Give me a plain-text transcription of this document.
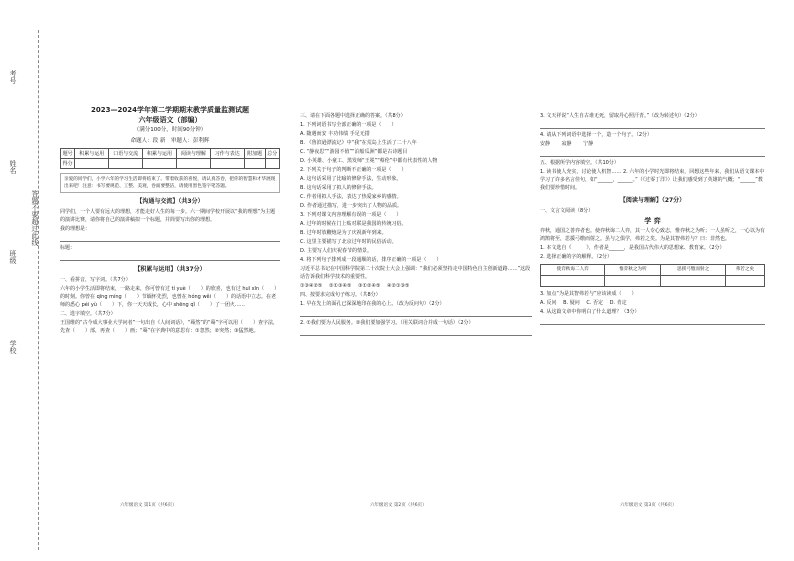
考号
姓名
班级
学校
答题不要超过此线
2023—2024学年第二学期期末教学质量监测试题
六年级语文（部编）
（满分100分，时间90分钟）
命题人：段 新　审题人：彭利辉
题号	积累与运用	口语与交流	积累与运用	阅读与理解	习作与表达	附加题	总分
得分							
亲爱的同学们，小学六年的学习生活即将结束了。带着收获的喜悦，请认真答卷，把你的智慧和才华展现出来吧！注意：书写要规范、工整、美观，卷面要整洁，请使用黑色签字笔答题。
【沟通与交流】（共3分）

同学们，一个人要有远大的理想，才能走好人生的每一步。六一期间学校开展以“我的理想”为主题的演讲比赛，请你将自己的演讲稿拟一个标题，并简要写出你的理想。

我的理想是：

标题：

【积累与运用】（共37分）

一、看拼音，写字词。（共7分）

六年的小学生活即将结束，一路走来，你可曾有过 tí yuè（　　）的欣喜，也有过 huī xīn（　　）的时刻。你曾在 qīng míng（　　）节缅怀先烈，也曾在 hóng wěi（　　）的话语中立志。在老师的悉心 péi yù（　　）下，你一天天成长，心中 shēng qǐ（　　）了一团火……

二、选字填空。（共7分）

王国维的“古今成大事业大学问者”一句出自《人间词话》，“蓦然”的“蓦”字可以用（　　）查字法，先查（　　）部，再查（　　）画；“蓦”在字典中的意思有：①忽然；②突然；③猛然地。

三、请在下面各题中选择正确的答案。（共8分）

1. 下列词语书写全部正确的一项是（　　）

A. 随遇而安 丰功伟绩 手足无措

B. 《鲁滨逊漂流记》中“我”在荒岛上生活了二十八年

C. “静夜思”“游园不值”“泊船瓜洲”都是古诗题目

D. 小英雄、小童工、黑发师“王冕”“蔡伦”中都有代表性的人物

2. 下列关于句子的判断不正确的一项是（　　）

A. 这句话采用了比喻的修辞手法，生动形象。

B. 这句话采用了拟人的修辞手法。

C. 作者用拟人手法，表达了热爱家乡的感情。

D. 作者通过描写，进一步突出了人物的品质。

3. 下列对课文内容理解有误的一项是（　　）

A. 过年的时候在门上贴对联是我国的传统习俗。

B. 过年时放鞭炮是为了庆祝新年到来。

C. 这里主要描写了北京过年时的民俗活动。

D. 主要写人们庆祝春节的情景。

4. 将下列句子排列成一段通顺的话，排序正确的一项是（　　）

习近平总书记在中国科学院第二十次院士大会上强调：“我们必须坚持走中国特色自主创新道路……”这段话告诉我们科学技术的重要性。

①③④②⑤　 ②①③④⑤　 ③①②④⑤　 ④②①③⑤

四、按要求完成句子练习。（共8分）

1. 早在先上的面孔已深深地印在我的心上。（改为反问句）（2分）

2. ①我们要为人民服务。②我们要加强学习。（用关联词合并成一句话）（2分）

3. 文天祥说“人生自古谁无死，留取丹心照汗青。”（改为转述句）（2分）

4. 请从下列词语中选择一个，造一个句子。（2分）

安静　　 寂静　　 宁静

五、根据所学内容填空。（共10分）

1. 读书使人充实，讨论使人机智…… 2. 六年的小学时光即将结束，回想这些年来，我们从语文课本中学习了许多名言佳句，如“______，______。”（《过零丁洋》）让我们感受到了英雄的气概；“______”教我们要珍惜时间。

【阅读与理解】（27分）

一、文言文阅读（8分）

学 弈

弈秋，通国之善弈者也。使弈秋诲二人弈，其一人专心致志，惟弈秋之为听；一人虽听之，一心以为有鸿鹄将至，思援弓缴而射之。虽与之俱学，弗若之矣。为是其智弗若与？曰：非然也。

1. 本文选自《　　　》，作者是______，是我国古代伟大的思想家、教育家。（2分）

2. 选择正确的字的解释。（2分）

使弈秋诲二人弈	惟弈秋之为听	思援弓缴而射之	弗若之矣

3. 加点“为是其智弗若与”应该读成（　　）

A. 反问　 B. 疑问　 C. 否定　 D. 肯定

4. 从这篇文章中你明白了什么道理？（3分）

六年级语文 第1页（共6页）	六年级语文 第2页（共6页）	六年级语文 第3页（共6页）
